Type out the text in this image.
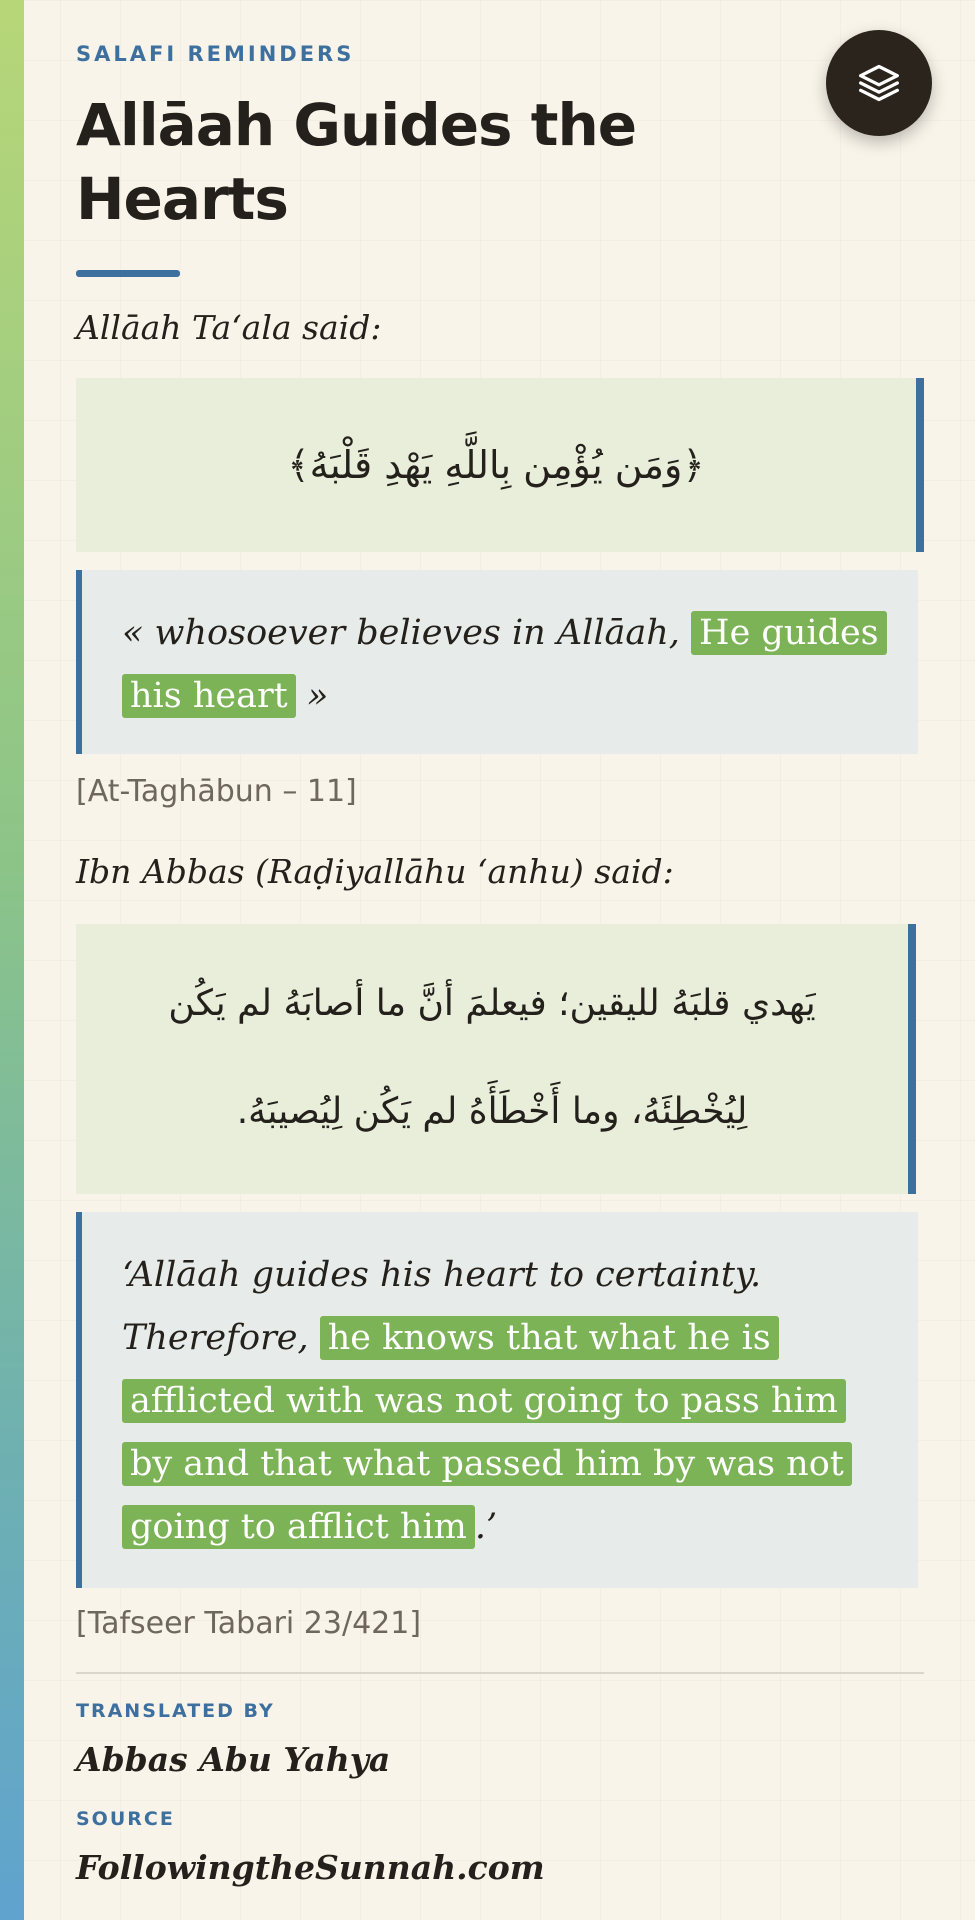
SALAFI REMINDERS
Allāah Guides the Hearts
Allāah Ta‘ala said:
﴿وَمَن يُؤْمِن بِاللَّهِ يَهْدِ قَلْبَهُ﴾
« whosoever believes in Allāah, He guides his heart »
[At-Taghābun – 11]
Ibn Abbas (Raḍiyallāhu ‘anhu) said:
يَهدي قلبَهُ لليقين؛ فيعلمَ أنَّ ما أصابَهُ لم يَكُن لِيُخْطِئَهُ، وما أَخْطَأَهُ لم يَكُن لِيُصيبَهُ.
‘Allāah guides his heart to certainty. Therefore, he knows that what he is afflicted with was not going to pass him by and that what passed him by was not going to afflict him .’
[Tafseer Tabari 23/421]
TRANSLATED BY
Abbas Abu Yahya
SOURCE
FollowingtheSunnah.com
